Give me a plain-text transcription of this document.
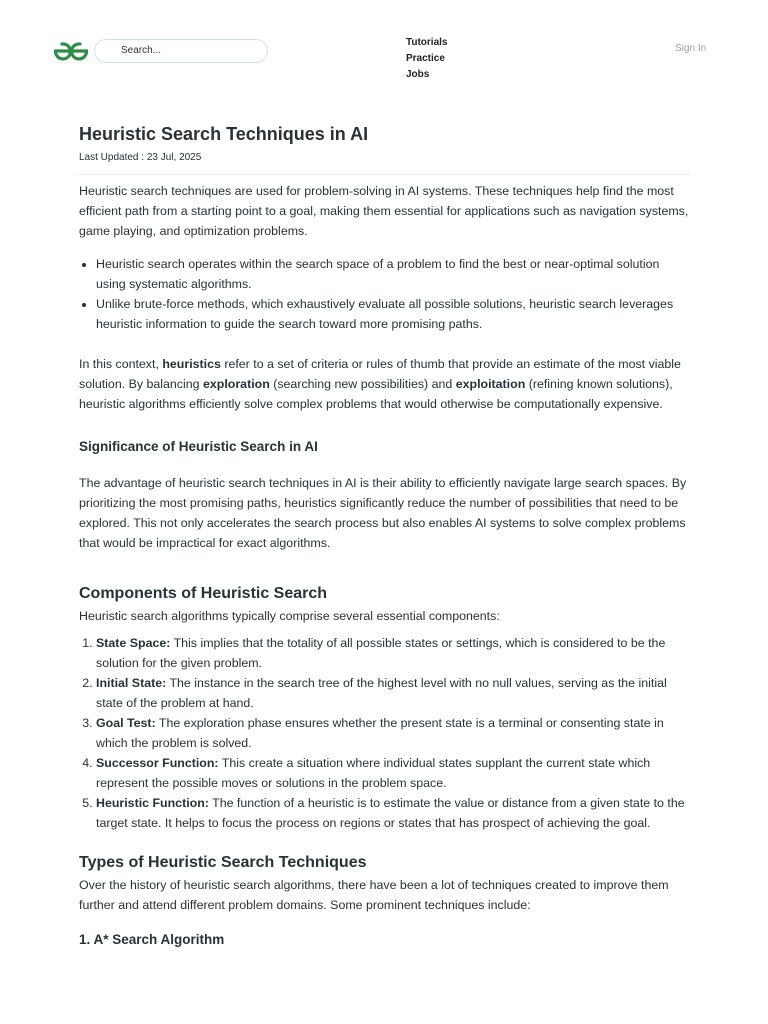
Search...
Tutorials
Practice
Jobs
Sign In
Heuristic Search Techniques in AI
Last Updated : 23 Jul, 2025

Heuristic search techniques are used for problem-solving in AI systems. These techniques help find the most efficient path from a starting point to a goal, making them essential for applications such as navigation systems, game playing, and optimization problems.

• Heuristic search operates within the search space of a problem to find the best or near-optimal solution using systematic algorithms.
• Unlike brute-force methods, which exhaustively evaluate all possible solutions, heuristic search leverages heuristic information to guide the search toward more promising paths.

In this context, heuristics refer to a set of criteria or rules of thumb that provide an estimate of the most viable solution. By balancing exploration (searching new possibilities) and exploitation (refining known solutions), heuristic algorithms efficiently solve complex problems that would otherwise be computationally expensive.

Significance of Heuristic Search in AI

The advantage of heuristic search techniques in AI is their ability to efficiently navigate large search spaces. By prioritizing the most promising paths, heuristics significantly reduce the number of possibilities that need to be explored. This not only accelerates the search process but also enables AI systems to solve complex problems that would be impractical for exact algorithms.

Components of Heuristic Search

Heuristic search algorithms typically comprise several essential components:

1. State Space: This implies that the totality of all possible states or settings, which is considered to be the solution for the given problem.
2. Initial State: The instance in the search tree of the highest level with no null values, serving as the initial state of the problem at hand.
3. Goal Test: The exploration phase ensures whether the present state is a terminal or consenting state in which the problem is solved.
4. Successor Function: This create a situation where individual states supplant the current state which represent the possible moves or solutions in the problem space.
5. Heuristic Function: The function of a heuristic is to estimate the value or distance from a given state to the target state. It helps to focus the process on regions or states that has prospect of achieving the goal.
Types of Heuristic Search Techniques

Over the history of heuristic search algorithms, there have been a lot of techniques created to improve them further and attend different problem domains. Some prominent techniques include:

1. A* Search Algorithm
